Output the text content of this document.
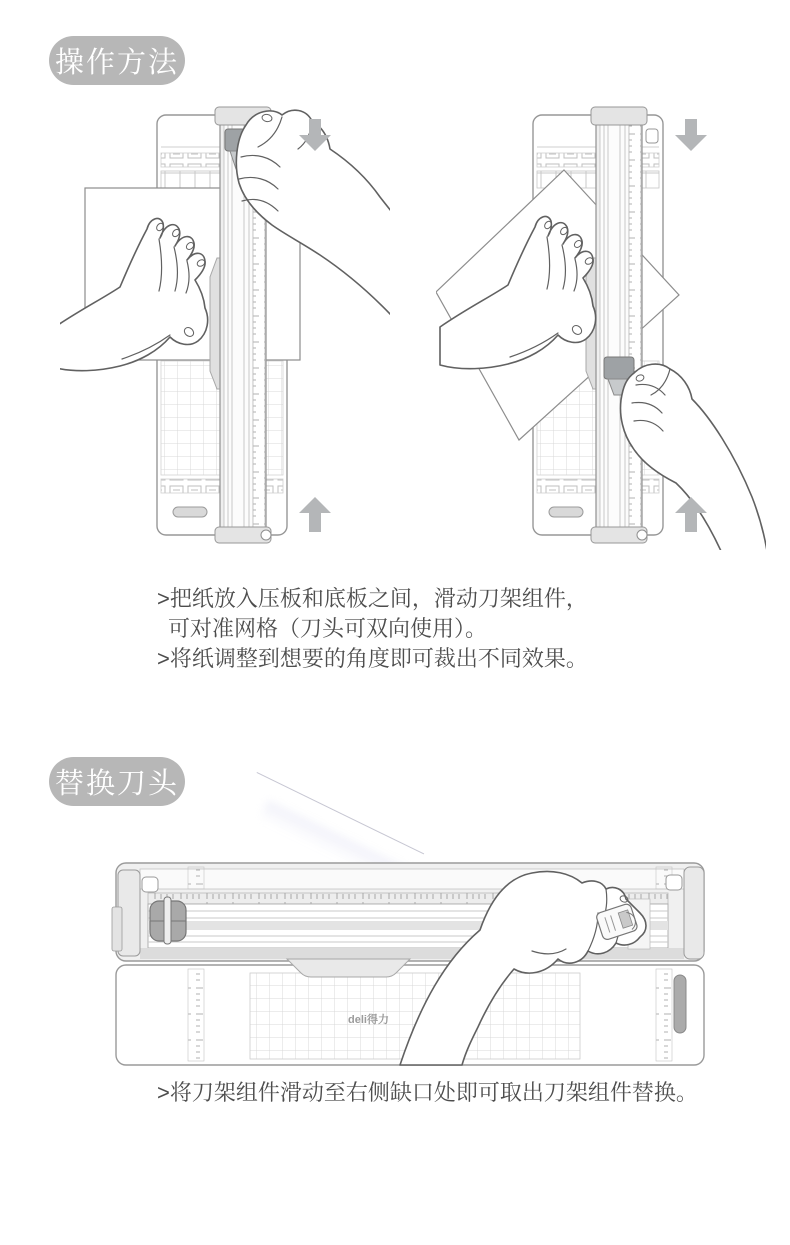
操作方法

>把纸放入压板和底板之间，滑动刀架组件，

可对准网格（刀头可双向使用）。

>将纸调整到想要的角度即可裁出不同效果。

替换刀头
deli得力

>将刀架组件滑动至右侧缺口处即可取出刀架组件替换。
